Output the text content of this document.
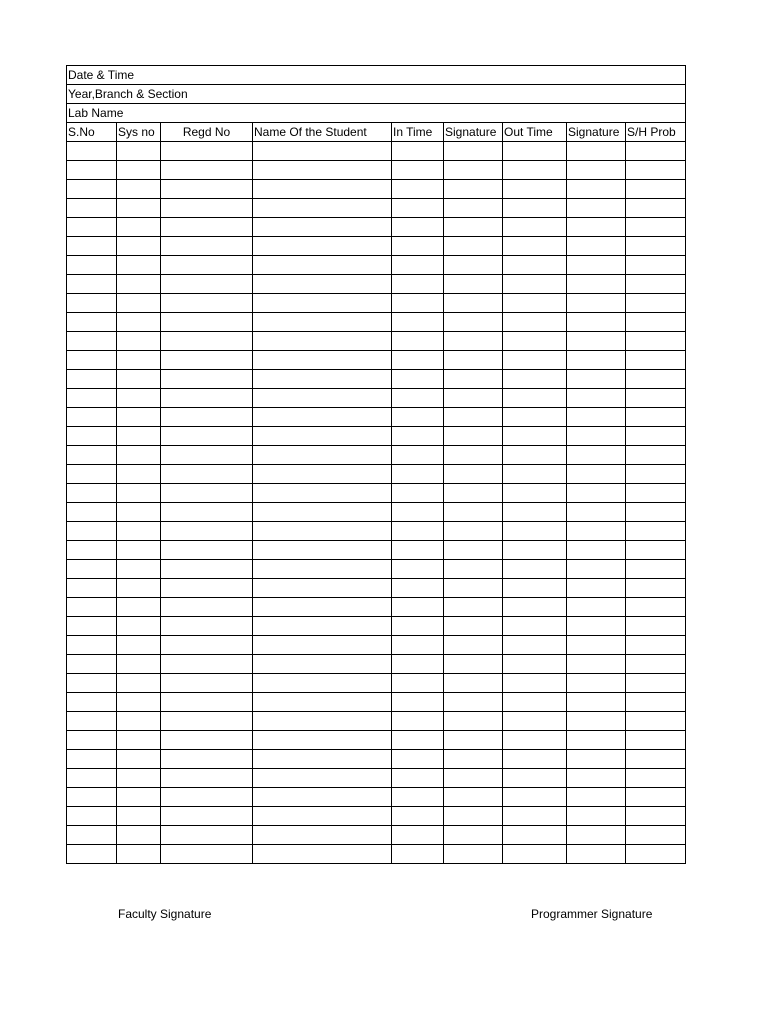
Date & Time								
Year,Branch & Section								
Lab Name								
S.No	Sys no	Regd No	Name Of the Student	In Time	Signature	Out Time	Signature	S/H Prob

Faculty Signature	Programmer Signature
